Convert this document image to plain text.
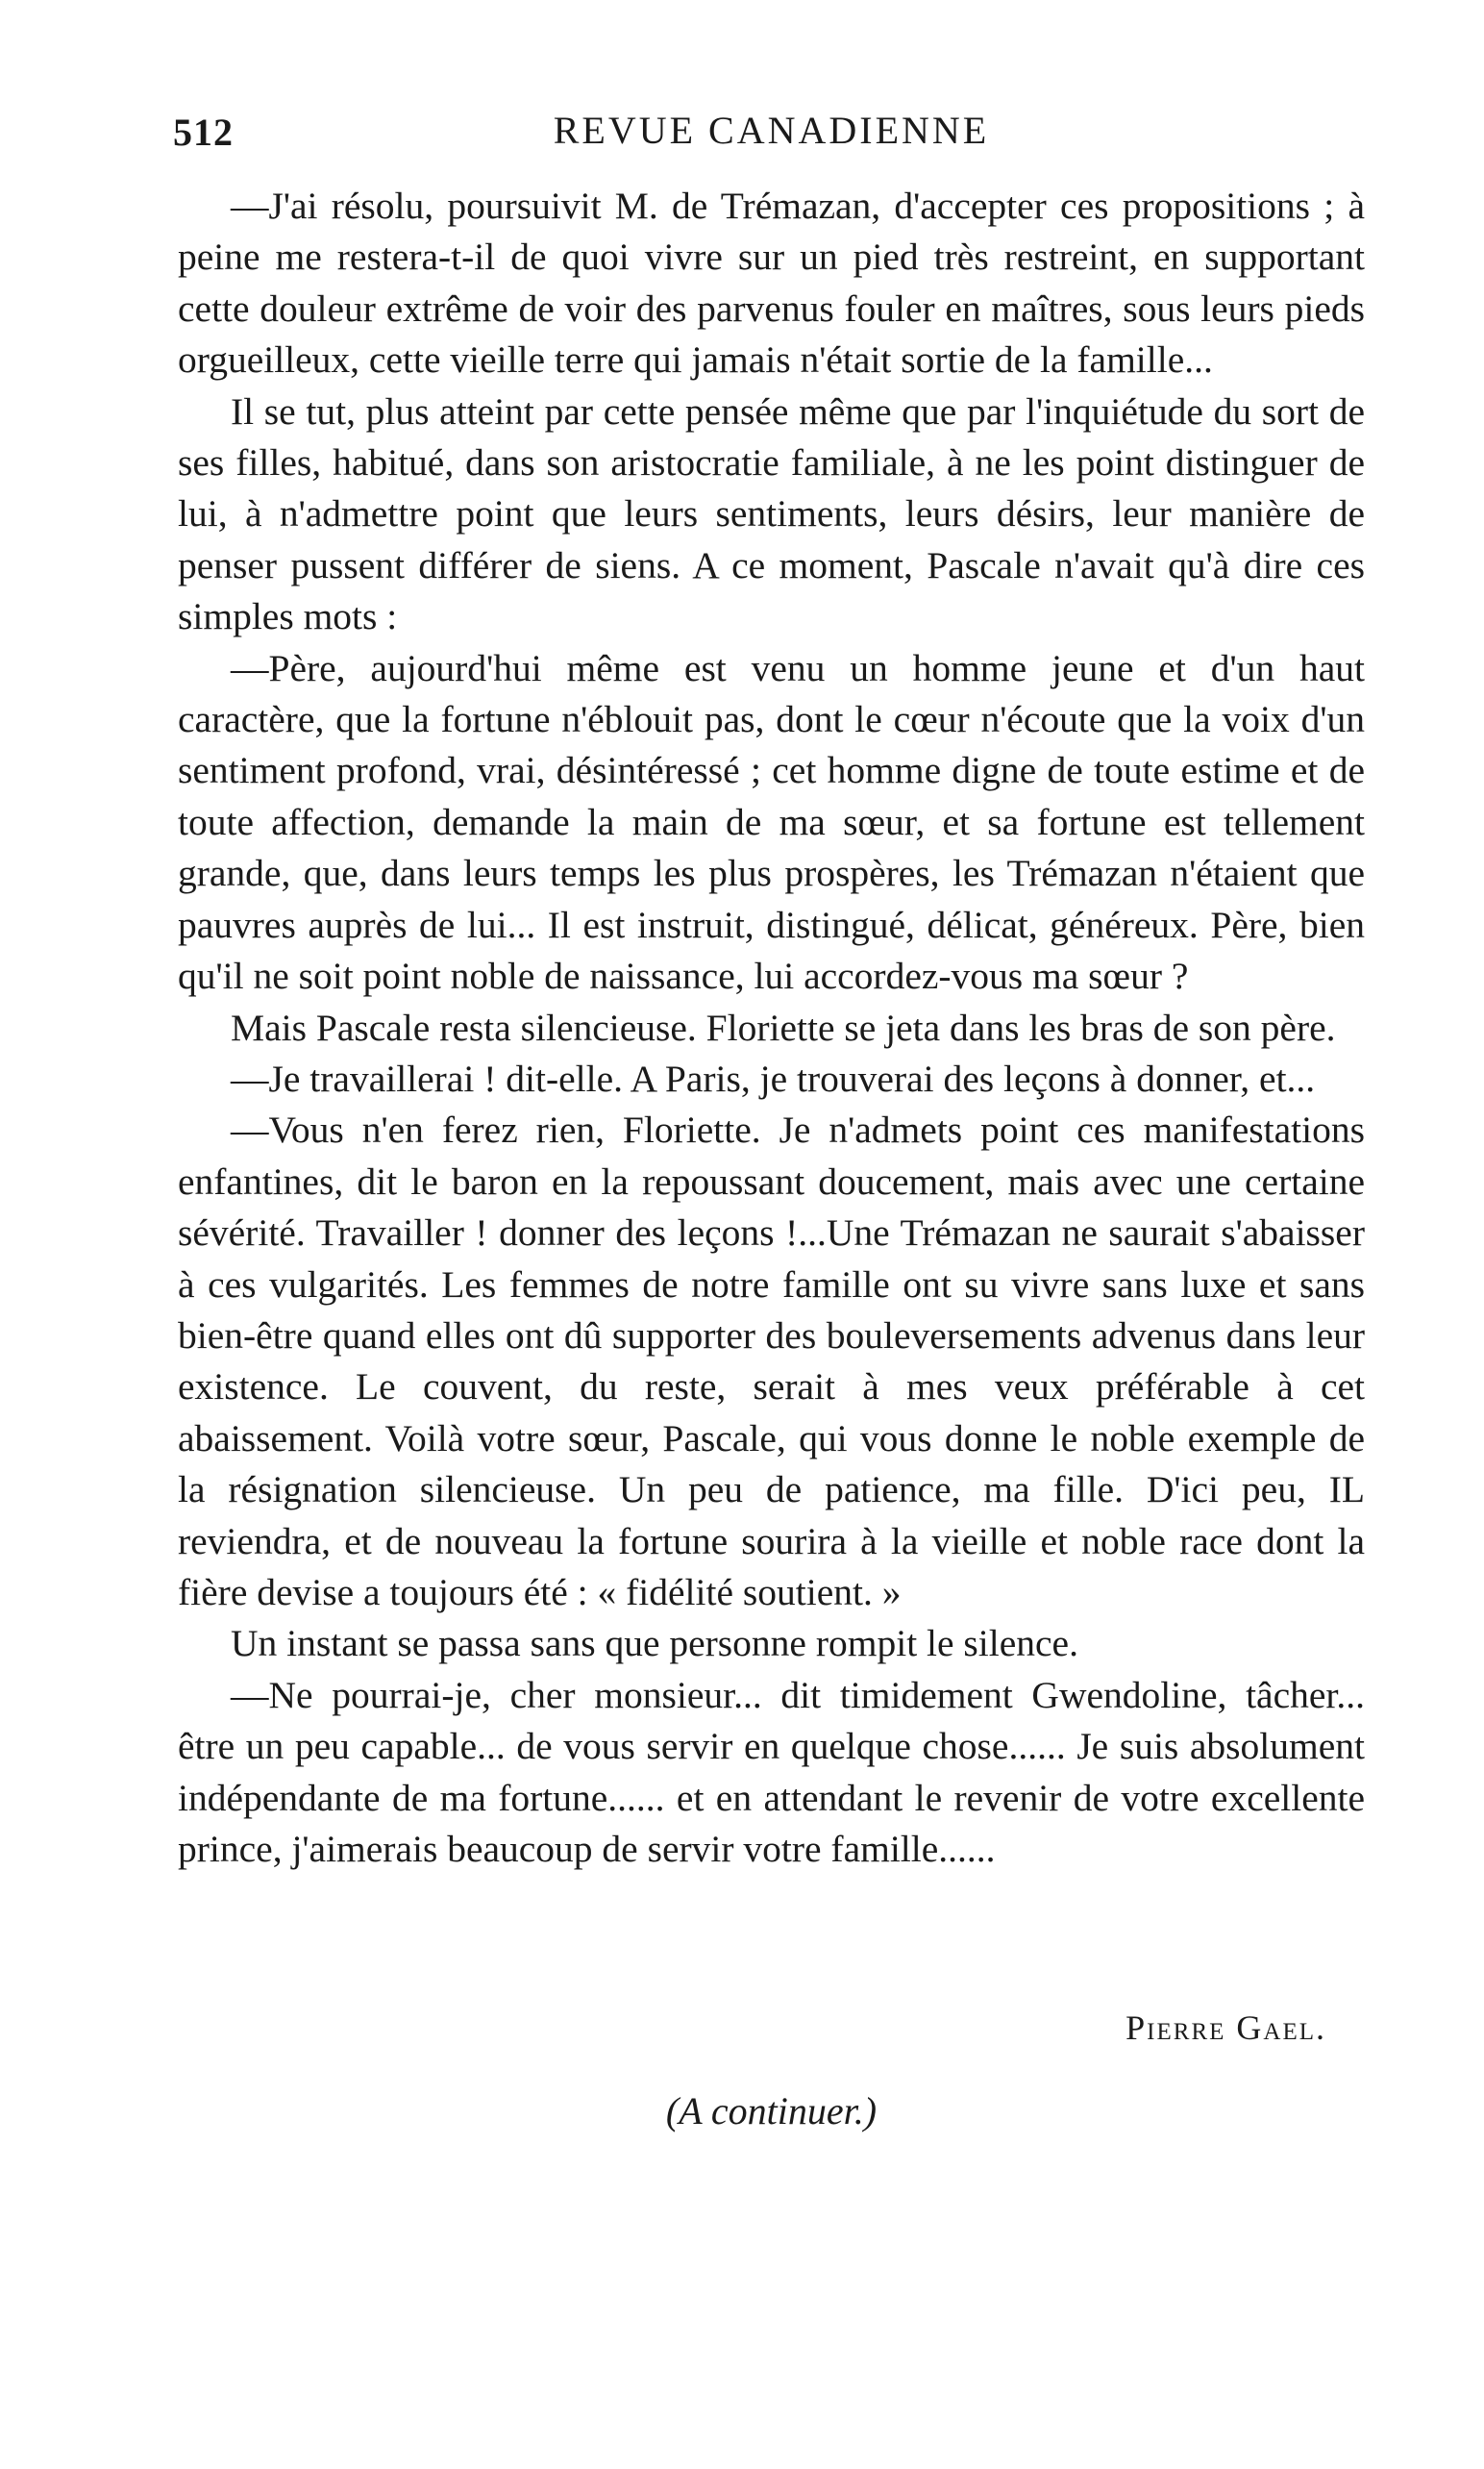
512	REVUE CANADIENNE

—J'ai résolu, poursuivit M. de Trémazan, d'accepter ces propositions ; à peine me restera-t-il de quoi vivre sur un pied très restreint, en supportant cette douleur extrême de voir des parvenus fouler en maîtres, sous leurs pieds orgueilleux, cette vieille terre qui jamais n'était sortie de la famille...

Il se tut, plus atteint par cette pensée même que par l'inquiétude du sort de ses filles, habitué, dans son aristocratie familiale, à ne les point distinguer de lui, à n'admettre point que leurs sentiments, leurs désirs, leur manière de penser pussent différer de siens. A ce moment, Pascale n'avait qu'à dire ces simples mots :

—Père, aujourd'hui même est venu un homme jeune et d'un haut caractère, que la fortune n'éblouit pas, dont le cœur n'écoute que la voix d'un sentiment profond, vrai, désintéressé ; cet homme digne de toute estime et de toute affection, demande la main de ma sœur, et sa fortune est tellement grande, que, dans leurs temps les plus prospères, les Trémazan n'étaient que pauvres auprès de lui... Il est instruit, distingué, délicat, généreux. Père, bien qu'il ne soit point noble de naissance, lui accordez-vous ma sœur ?

Mais Pascale resta silencieuse. Floriette se jeta dans les bras de son père.

—Je travaillerai ! dit-elle. A Paris, je trouverai des leçons à donner, et...

—Vous n'en ferez rien, Floriette. Je n'admets point ces manifestations enfantines, dit le baron en la repoussant doucement, mais avec une certaine sévérité. Travailler ! donner des leçons !...Une Trémazan ne saurait s'abaisser à ces vulgarités. Les femmes de notre famille ont su vivre sans luxe et sans bien-être quand elles ont dû supporter des bouleversements advenus dans leur existence. Le couvent, du reste, serait à mes veux préférable à cet abaissement. Voilà votre sœur, Pascale, qui vous donne le noble exemple de la résignation silencieuse. Un peu de patience, ma fille. D'ici peu, IL reviendra, et de nouveau la fortune sourira à la vieille et noble race dont la fière devise a toujours été : « fidélité soutient. »

Un instant se passa sans que personne rompit le silence.

—Ne pourrai-je, cher monsieur... dit timidement Gwendoline, tâcher... être un peu capable... de vous servir en quelque chose...... Je suis absolument indépendante de ma fortune...... et en attendant le revenir de votre excellente prince, j'aimerais beaucoup de servir votre famille......

Pierre Gael.
(A continuer.)
